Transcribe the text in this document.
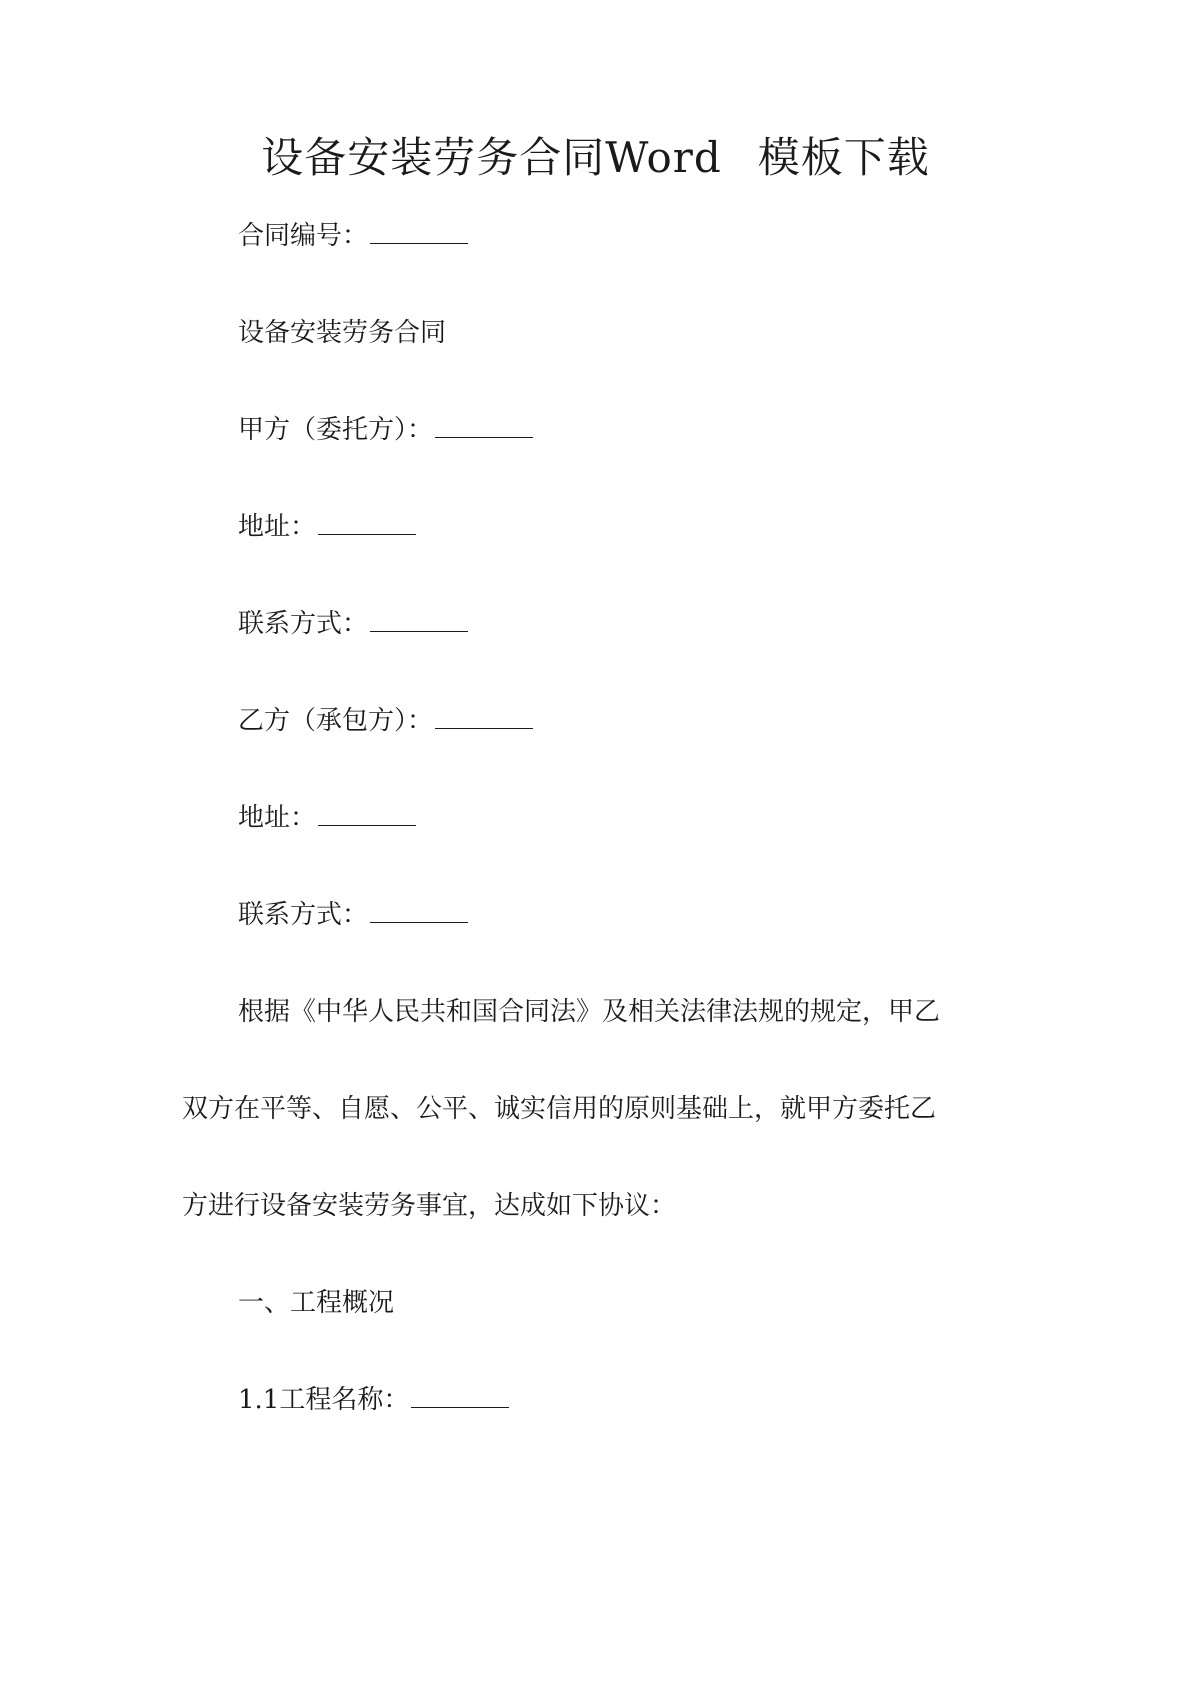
设备安装劳务合同Word 模板下载

合同编号：

设备安装劳务合同

甲方（委托方）：

地址：

联系方式：

乙方（承包方）：

地址：

联系方式：

根据《中华人民共和国合同法》及相关法律法规的规定，甲乙

双方在平等、自愿、公平、诚实信用的原则基础上，就甲方委托乙

方进行设备安装劳务事宜，达成如下协议：

一、工程概况

1.1工程名称：
